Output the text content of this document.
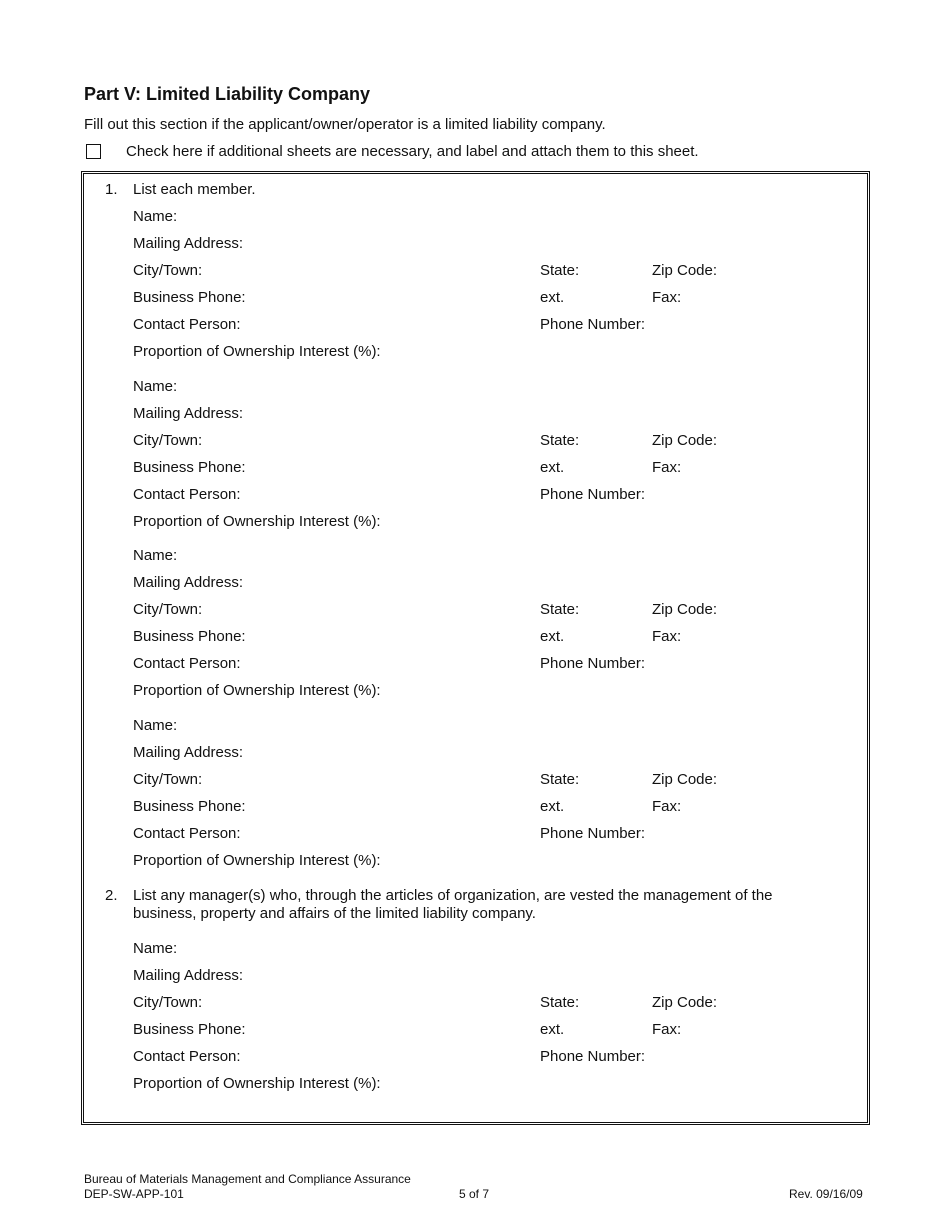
Part V: Limited Liability Company
Fill out this section if the applicant/owner/operator is a limited liability company.
Check here if additional sheets are necessary, and label and attach them to this sheet.
1. List each member.
Name:
Mailing Address:
City/Town:	State:	Zip Code:
Business Phone:	ext.	Fax:
Contact Person:	Phone Number:
Proportion of Ownership Interest (%):
Name:
Mailing Address:
City/Town:	State:	Zip Code:
Business Phone:	ext.	Fax:
Contact Person:	Phone Number:
Proportion of Ownership Interest (%):
Name:
Mailing Address:
City/Town:	State:	Zip Code:
Business Phone:	ext.	Fax:
Contact Person:	Phone Number:
Proportion of Ownership Interest (%):
Name:
Mailing Address:
City/Town:	State:	Zip Code:
Business Phone:	ext.	Fax:
Contact Person:	Phone Number:
Proportion of Ownership Interest (%):
Name:
Mailing Address:
City/Town:	State:	Zip Code:
Business Phone:	ext.	Fax:
Contact Person:	Phone Number:
Proportion of Ownership Interest (%):
2. List any manager(s) who, through the articles of organization, are vested the management of the business, property and affairs of the limited liability company.
Bureau of Materials Management and Compliance Assurance
DEP-SW-APP-101	5 of 7	Rev. 09/16/09
